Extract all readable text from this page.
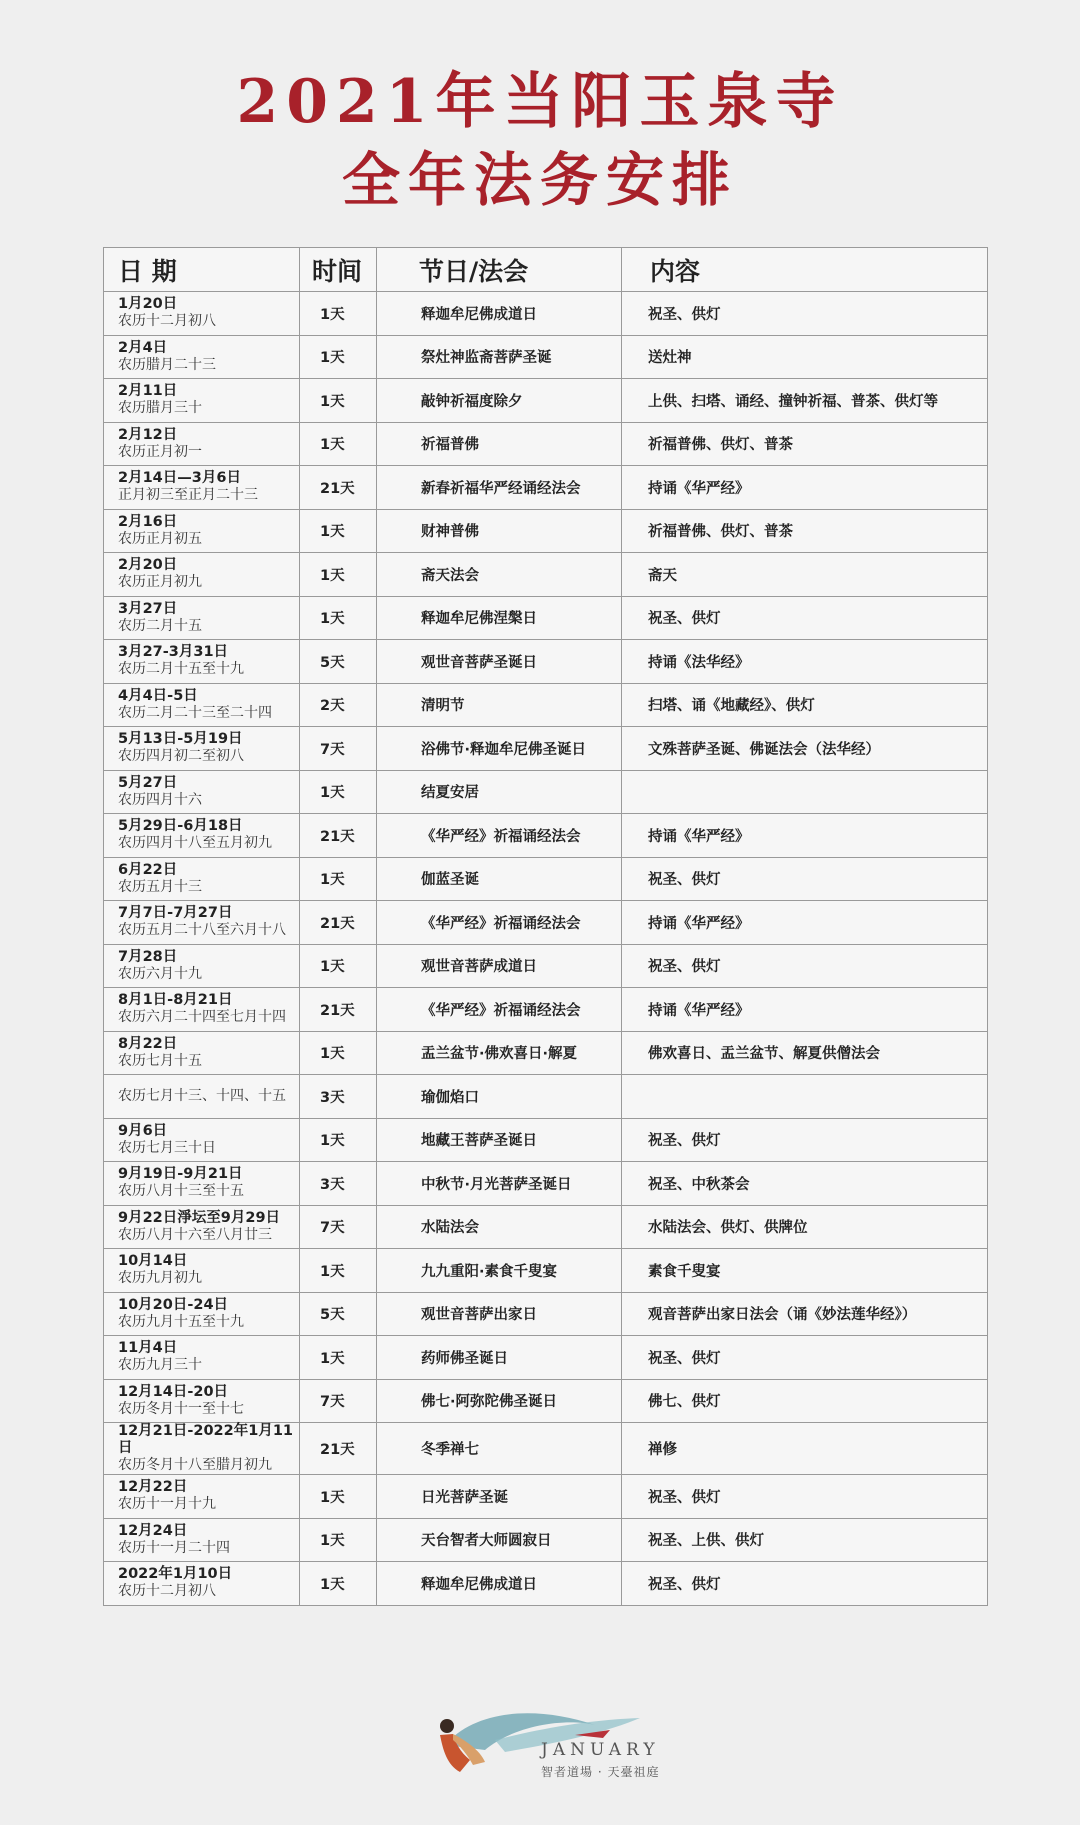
2021年当阳玉泉寺
全年法务安排
日 期	时间	节日/法会	内容

1月20日
农历十二月初八	1天	释迦牟尼佛成道日	祝圣、供灯

2月4日
农历腊月二十三	1天	祭灶神监斋菩萨圣诞	送灶神

2月11日
农历腊月三十	1天	敲钟祈福度除夕	上供、扫塔、诵经、撞钟祈福、普茶、供灯等

2月12日
农历正月初一	1天	祈福普佛	祈福普佛、供灯、普茶

2月14日—3月6日
正月初三至正月二十三	21天	新春祈福华严经诵经法会	持诵《华严经》

2月16日
农历正月初五	1天	财神普佛	祈福普佛、供灯、普茶

2月20日
农历正月初九	1天	斋天法会	斋天

3月27日
农历二月十五	1天	释迦牟尼佛涅槃日	祝圣、供灯

3月27-3月31日
农历二月十五至十九	5天	观世音菩萨圣诞日	持诵《法华经》

4月4日-5日
农历二月二十三至二十四	2天	清明节	扫塔、诵《地藏经》、供灯

5月13日-5月19日
农历四月初二至初八	7天	浴佛节·释迦牟尼佛圣诞日	文殊菩萨圣诞、佛诞法会（法华经）

5月27日
农历四月十六	1天	结夏安居	

5月29日-6月18日
农历四月十八至五月初九	21天	《华严经》祈福诵经法会	持诵《华严经》

6月22日
农历五月十三	1天	伽蓝圣诞	祝圣、供灯

7月7日-7月27日
农历五月二十八至六月十八	21天	《华严经》祈福诵经法会	持诵《华严经》

7月28日
农历六月十九	1天	观世音菩萨成道日	祝圣、供灯

8月1日-8月21日
农历六月二十四至七月十四	21天	《华严经》祈福诵经法会	持诵《华严经》

8月22日
农历七月十五	1天	盂兰盆节·佛欢喜日·解夏	佛欢喜日、盂兰盆节、解夏供僧法会

农历七月十三、十四、十五	3天	瑜伽焰口	

9月6日
农历七月三十日	1天	地藏王菩萨圣诞日	祝圣、供灯

9月19日-9月21日
农历八月十三至十五	3天	中秋节·月光菩萨圣诞日	祝圣、中秋茶会

9月22日淨坛至9月29日
农历八月十六至八月廿三	7天	水陆法会	水陆法会、供灯、供牌位

10月14日
农历九月初九	1天	九九重阳·素食千叟宴	素食千叟宴

10月20日-24日
农历九月十五至十九	5天	观世音菩萨出家日	观音菩萨出家日法会（诵《妙法莲华经》）

11月4日
农历九月三十	1天	药师佛圣诞日	祝圣、供灯

12月14日-20日
农历冬月十一至十七	7天	佛七·阿弥陀佛圣诞日	佛七、供灯

12月21日-2022年1月11日
农历冬月十八至腊月初九	21天	冬季禅七	禅修

12月22日
农历十一月十九	1天	日光菩萨圣诞	祝圣、供灯

12月24日
农历十一月二十四	1天	天台智者大师圆寂日	祝圣、上供、供灯

2022年1月10日
农历十二月初八	1天	释迦牟尼佛成道日	祝圣、供灯
JANUARY
智者道場 · 天臺祖庭
